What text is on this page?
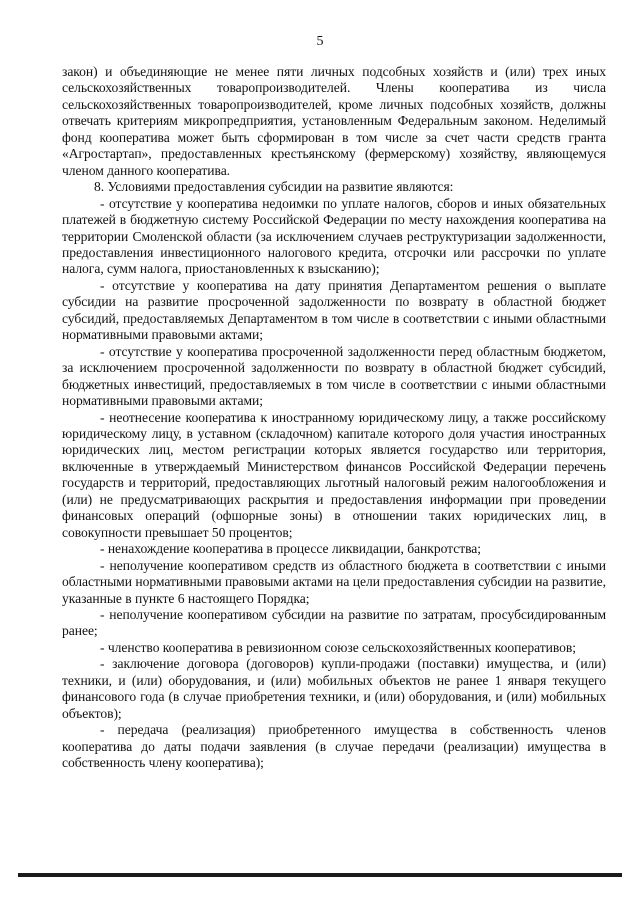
5

закон) и объединяющие не менее пяти личных подсобных хозяйств и (или) трех иных сельскохозяйственных товаропроизводителей. Члены кооператива из числа сельскохозяйственных товаропроизводителей, кроме личных подсобных хозяйств, должны отвечать критериям микропредприятия, установленным Федеральным законом. Неделимый фонд кооператива может быть сформирован в том числе за счет части средств гранта «Агростартап», предоставленных крестьянскому (фермерскому) хозяйству, являющемуся членом данного кооператива.

8. Условиями предоставления субсидии на развитие являются:

- отсутствие у кооператива недоимки по уплате налогов, сборов и иных обязательных платежей в бюджетную систему Российской Федерации по месту нахождения кооператива на территории Смоленской области (за исключением случаев реструктуризации задолженности, предоставления инвестиционного налогового кредита, отсрочки или рассрочки по уплате налога, сумм налога, приостановленных к взысканию);

- отсутствие у кооператива на дату принятия Департаментом решения о выплате субсидии на развитие просроченной задолженности по возврату в областной бюджет субсидий, предоставляемых Департаментом в том числе в соответствии с иными областными нормативными правовыми актами;

- отсутствие у кооператива просроченной задолженности перед областным бюджетом, за исключением просроченной задолженности по возврату в областной бюджет субсидий, бюджетных инвестиций, предоставляемых в том числе в соответствии с иными областными нормативными правовыми актами;

- неотнесение кооператива к иностранному юридическому лицу, а также российскому юридическому лицу, в уставном (складочном) капитале которого доля участия иностранных юридических лиц, местом регистрации которых является государство или территория, включенные в утверждаемый Министерством финансов Российской Федерации перечень государств и территорий, предоставляющих льготный налоговый режим налогообложения и (или) не предусматривающих раскрытия и предоставления информации при проведении финансовых операций (офшорные зоны) в отношении таких юридических лиц, в совокупности превышает 50 процентов;

- ненахождение кооператива в процессе ликвидации, банкротства;

- неполучение кооперативом средств из областного бюджета в соответствии с иными областными нормативными правовыми актами на цели предоставления субсидии на развитие, указанные в пункте 6 настоящего Порядка;

- неполучение кооперативом субсидии на развитие по затратам, просубсидированным ранее;

- членство кооператива в ревизионном союзе сельскохозяйственных кооперативов;

- заключение договора (договоров) купли-продажи (поставки) имущества, и (или) техники, и (или) оборудования, и (или) мобильных объектов не ранее 1 января текущего финансового года (в случае приобретения техники, и (или) оборудования, и (или) мобильных объектов);

- передача (реализация) приобретенного имущества в собственность членов кооператива до даты подачи заявления (в случае передачи (реализации) имущества в собственность члену кооператива);
